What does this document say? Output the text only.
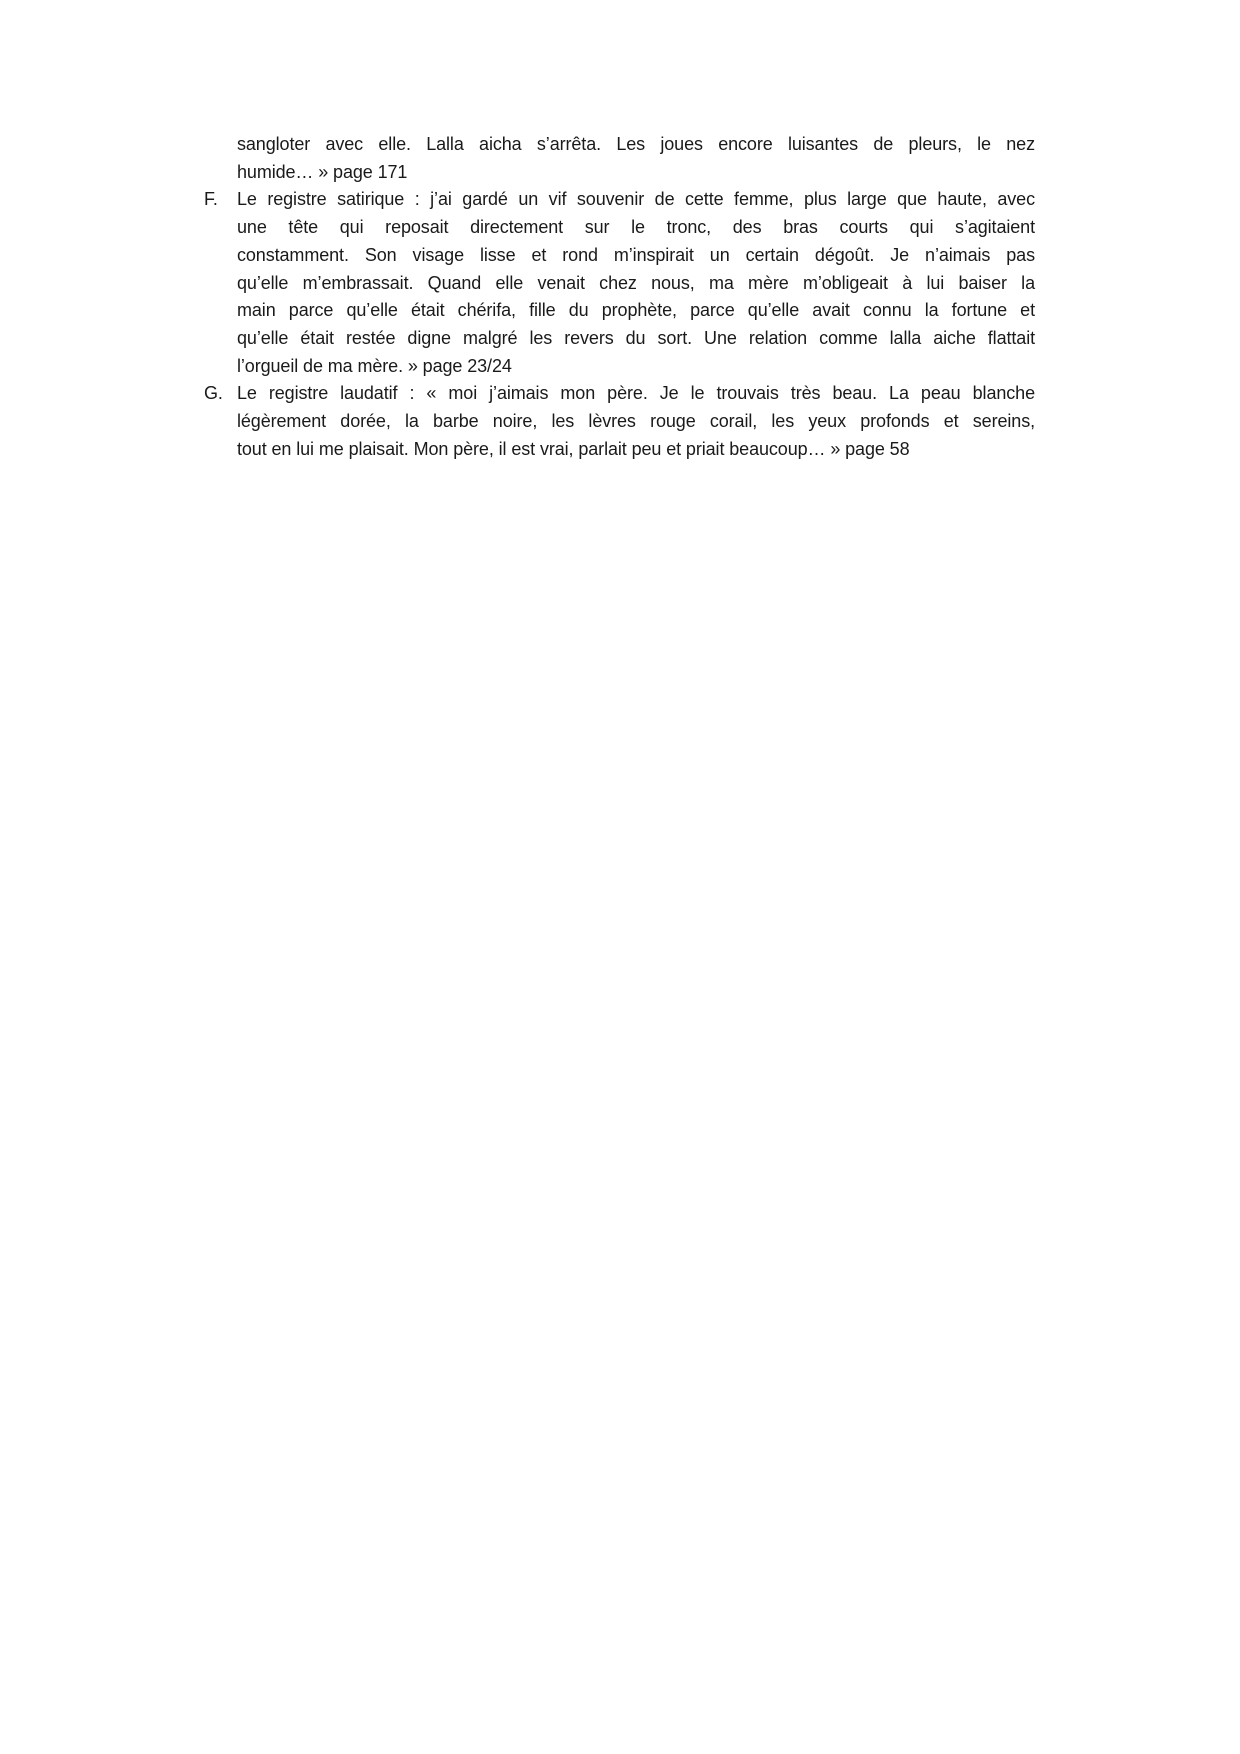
sangloter avec elle. Lalla aicha s’arrêta. Les joues encore luisantes de pleurs, le nez
humide… » page 171
F. Le registre satirique : j’ai gardé un vif souvenir de cette femme, plus large que haute, avec
une tête qui reposait directement sur le tronc, des bras courts qui s’agitaient
constamment. Son visage lisse et rond m’inspirait un certain dégoût. Je n’aimais pas
qu’elle m’embrassait. Quand elle venait chez nous, ma mère m’obligeait à lui baiser la
main parce qu’elle était chérifa, fille du prophète, parce qu’elle avait connu la fortune et
qu’elle était restée digne malgré les revers du sort. Une relation comme lalla aiche flattait
l’orgueil de ma mère. » page 23/24
G. Le registre laudatif : « moi j’aimais mon père. Je le trouvais très beau. La peau blanche
légèrement dorée, la barbe noire, les lèvres rouge corail, les yeux profonds et sereins,
tout en lui me plaisait. Mon père, il est vrai, parlait peu et priait beaucoup… » page 58
